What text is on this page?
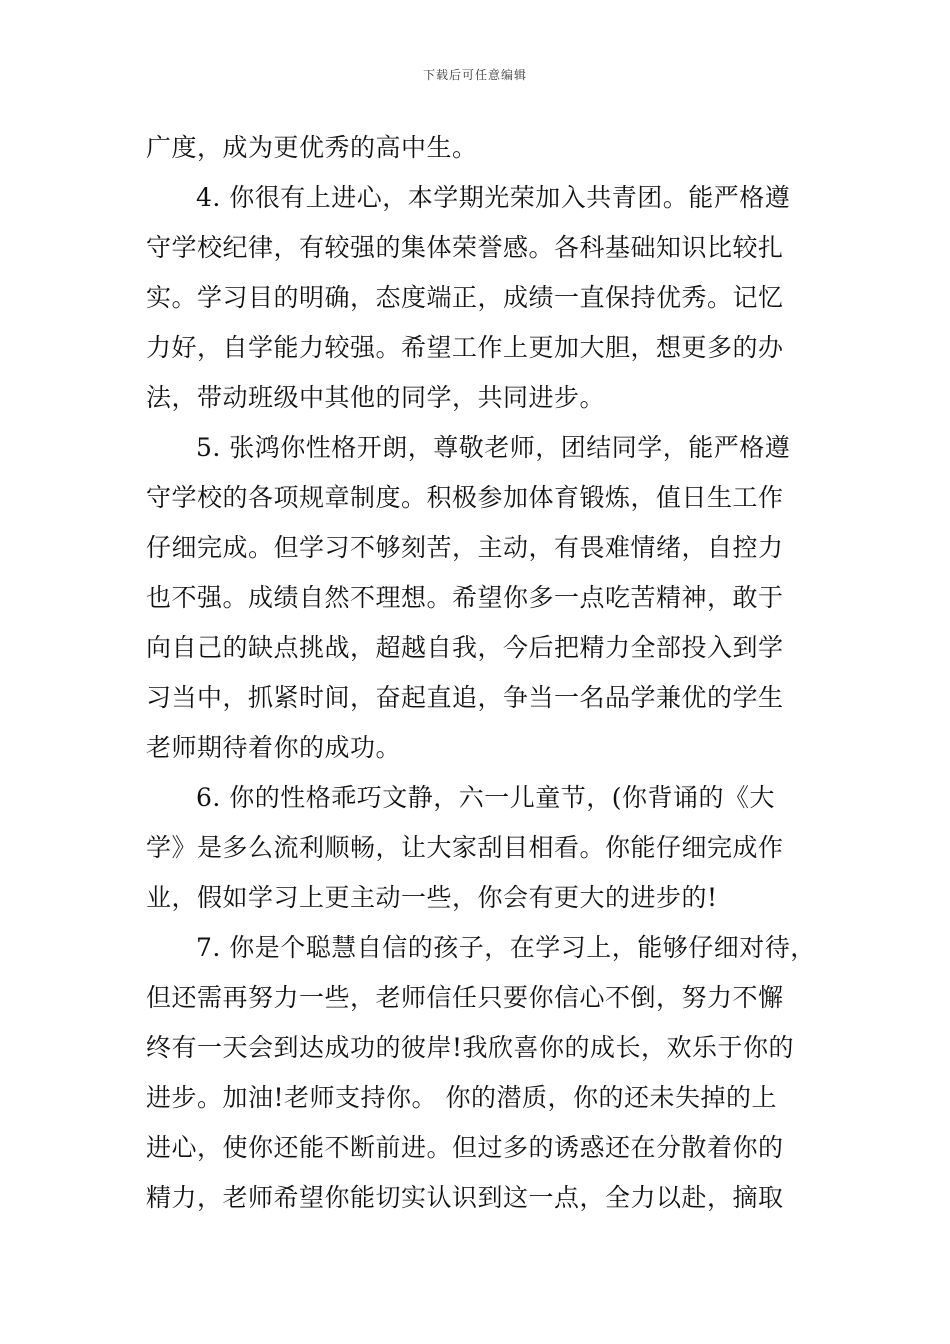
下载后可任意编辑
广度，成为更优秀的高中生。
4. 你很有上进心，本学期光荣加入共青团。能严格遵
守学校纪律，有较强的集体荣誉感。各科基础知识比较扎
实。学习目的明确，态度端正，成绩一直保持优秀。记忆
力好，自学能力较强。希望工作上更加大胆，想更多的办
法，带动班级中其他的同学，共同进步。
5. 张鸿你性格开朗，尊敬老师，团结同学，能严格遵
守学校的各项规章制度。积极参加体育锻炼，值日生工作
仔细完成。但学习不够刻苦，主动，有畏难情绪，自控力
也不强。成绩自然不理想。希望你多一点吃苦精神，敢于
向自己的缺点挑战，超越自我，今后把精力全部投入到学
习当中，抓紧时间，奋起直追，争当一名品学兼优的学生
老师期待着你的成功。
6. 你的性格乖巧文静，六一儿童节，(你背诵的《大
学》是多么流利顺畅，让大家刮目相看。你能仔细完成作
业，假如学习上更主动一些，你会有更大的进步的!
7. 你是个聪慧自信的孩子，在学习上，能够仔细对待，
但还需再努力一些，老师信任只要你信心不倒，努力不懈
终有一天会到达成功的彼岸!我欣喜你的成长，欢乐于你的
进步。加油!老师支持你。 你的潜质，你的还未失掉的上
进心，使你还能不断前进。但过多的诱惑还在分散着你的
精力，老师希望你能切实认识到这一点，全力以赴，摘取
